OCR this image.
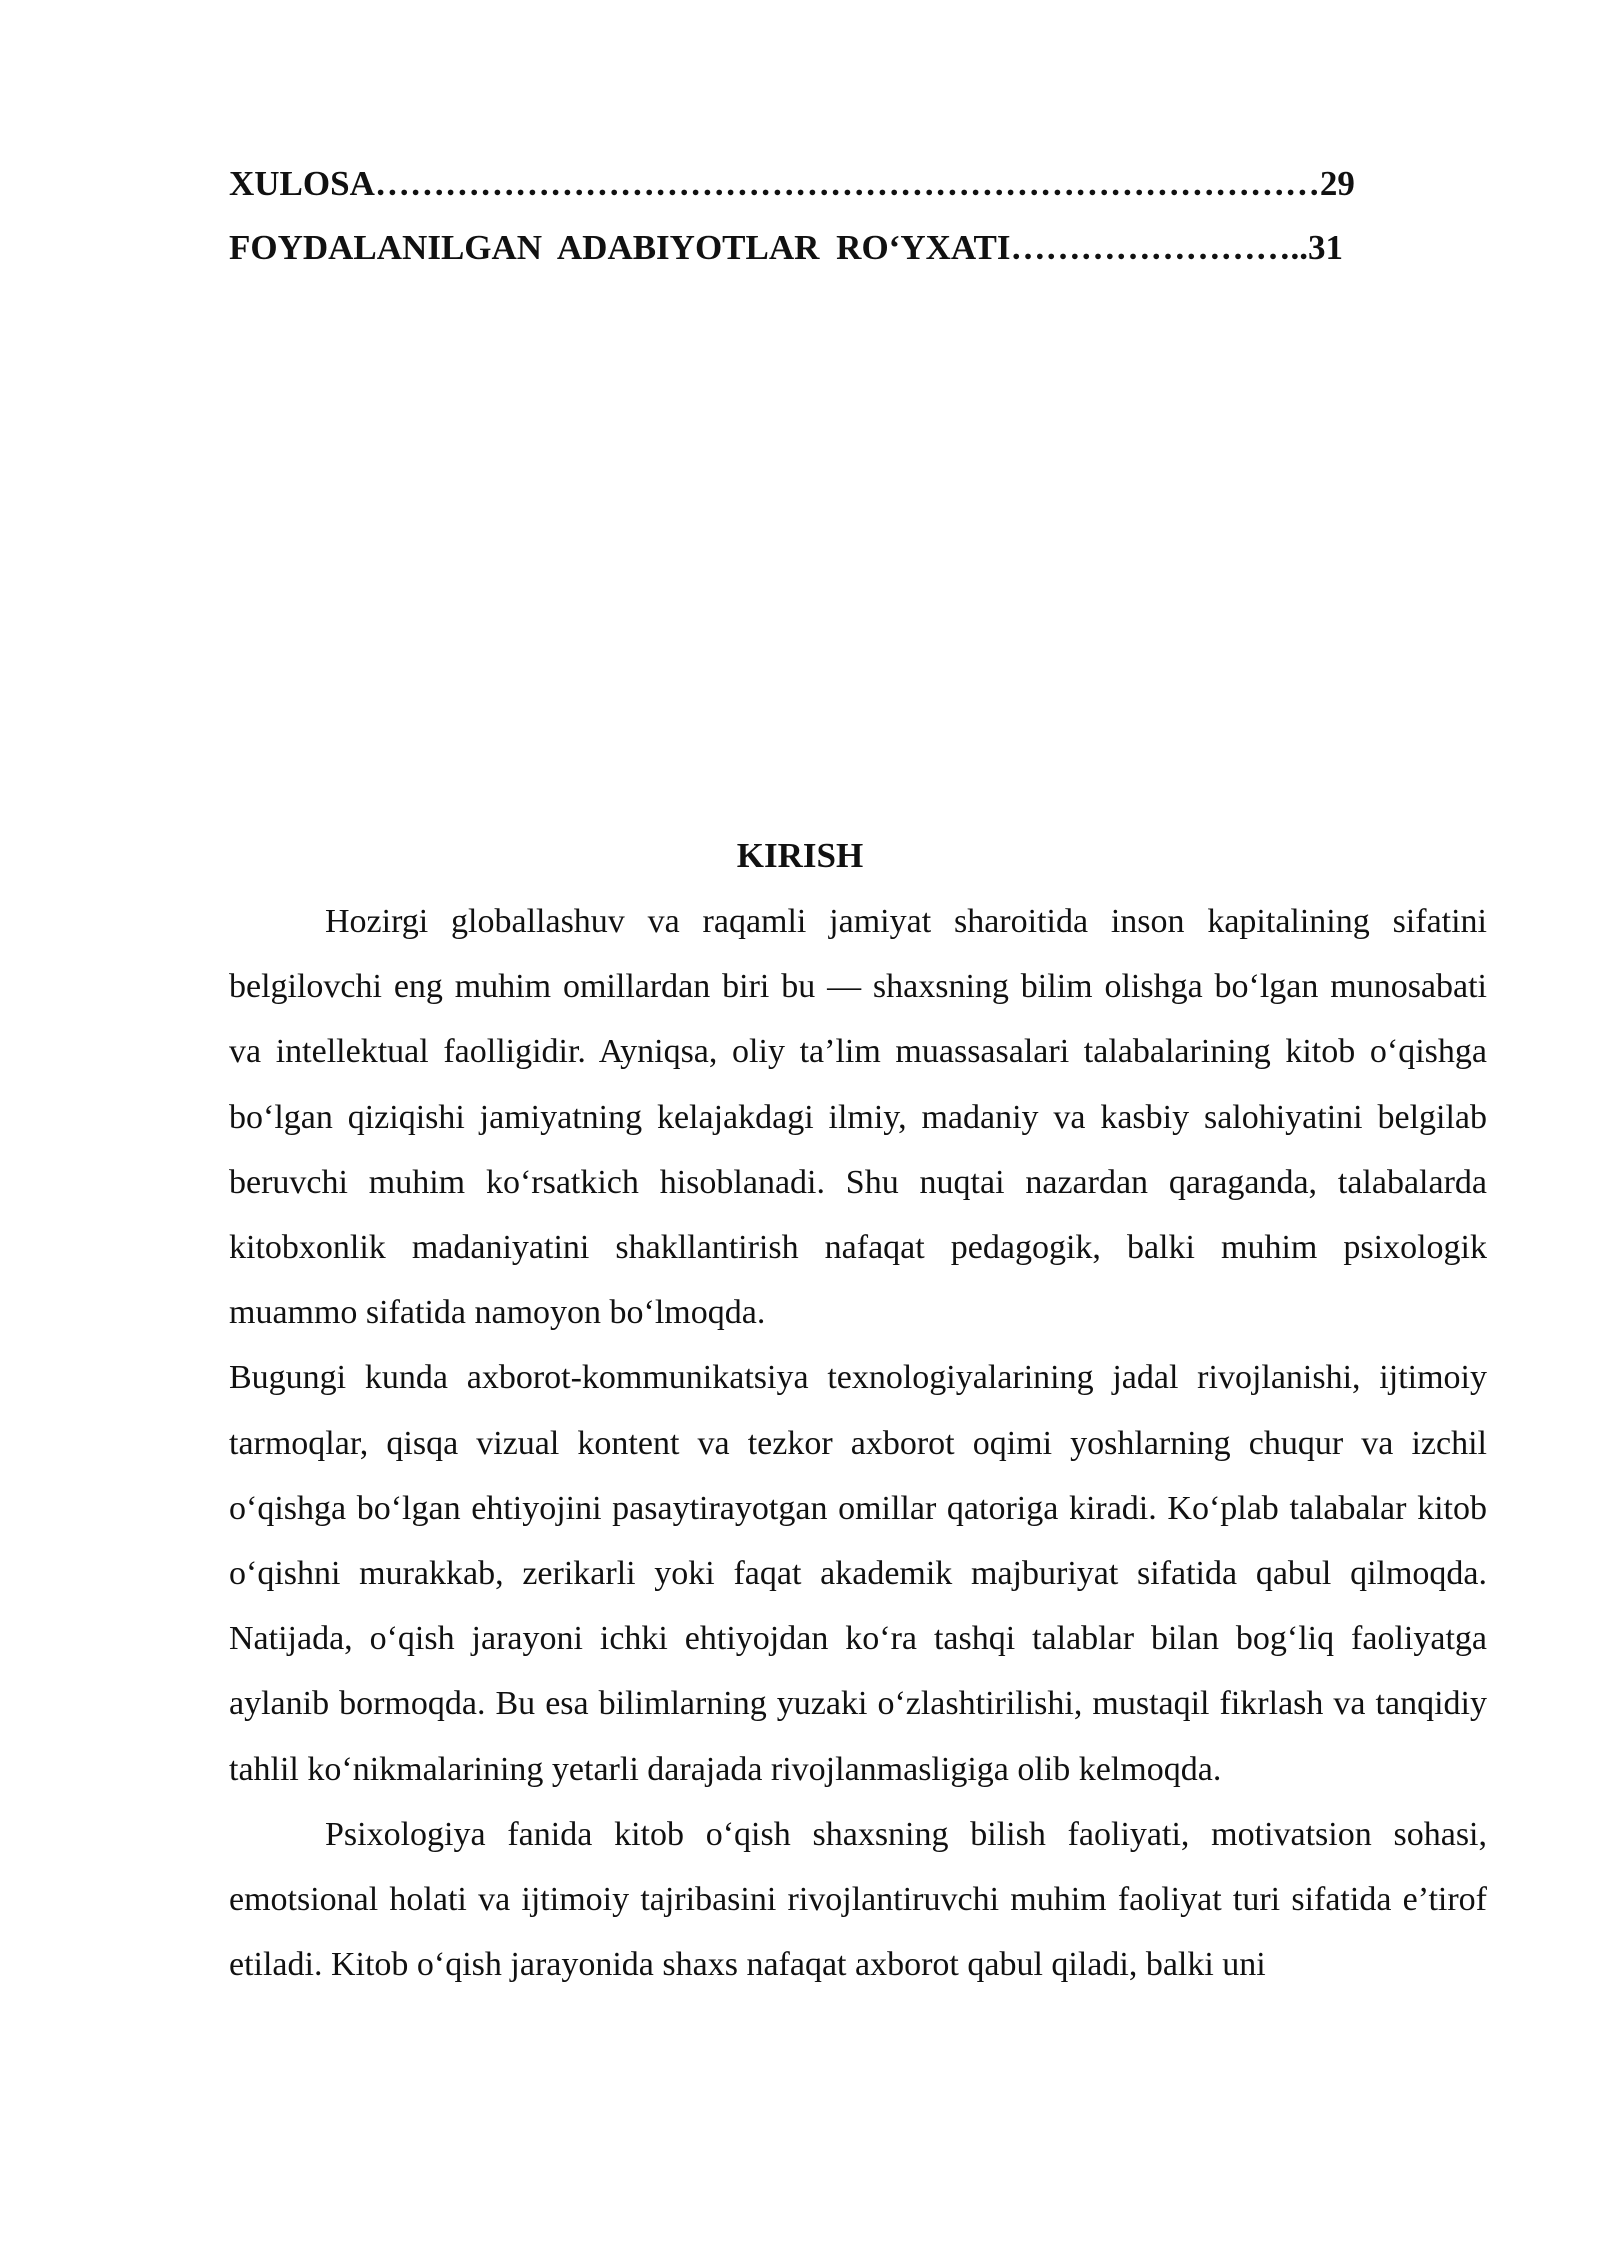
XULOSA………………………………………………………………………29
FOYDALANILGAN ADABIYOTLAR RO‘YXATI……………………..31
KIRISH

Hozirgi globallashuv va raqamli jamiyat sharoitida inson kapitalining sifatini belgilovchi eng muhim omillardan biri bu — shaxsning bilim olishga bo‘lgan munosabati va intellektual faolligidir. Ayniqsa, oliy ta’lim muassasalari talabalarining kitob o‘qishga bo‘lgan qiziqishi jamiyatning kelajakdagi ilmiy, madaniy va kasbiy salohiyatini belgilab beruvchi muhim ko‘rsatkich hisoblanadi. Shu nuqtai nazardan qaraganda, talabalarda kitobxonlik madaniyatini shakllantirish nafaqat pedagogik, balki muhim psixologik muammo sifatida namoyon bo‘lmoqda.

Bugungi kunda axborot-kommunikatsiya texnologiyalarining jadal rivojlanishi, ijtimoiy tarmoqlar, qisqa vizual kontent va tezkor axborot oqimi yoshlarning chuqur va izchil o‘qishga bo‘lgan ehtiyojini pasaytirayotgan omillar qatoriga kiradi. Ko‘plab talabalar kitob o‘qishni murakkab, zerikarli yoki faqat akademik majburiyat sifatida qabul qilmoqda. Natijada, o‘qish jarayoni ichki ehtiyojdan ko‘ra tashqi talablar bilan bog‘liq faoliyatga aylanib bormoqda. Bu esa bilimlarning yuzaki o‘zlashtirilishi, mustaqil fikrlash va tanqidiy tahlil ko‘nikmalarining yetarli darajada rivojlanmasligiga olib kelmoqda.

Psixologiya fanida kitob o‘qish shaxsning bilish faoliyati, motivatsion sohasi, emotsional holati va ijtimoiy tajribasini rivojlantiruvchi muhim faoliyat turi sifatida e’tirof etiladi. Kitob o‘qish jarayonida shaxs nafaqat axborot qabul qiladi, balki uni
